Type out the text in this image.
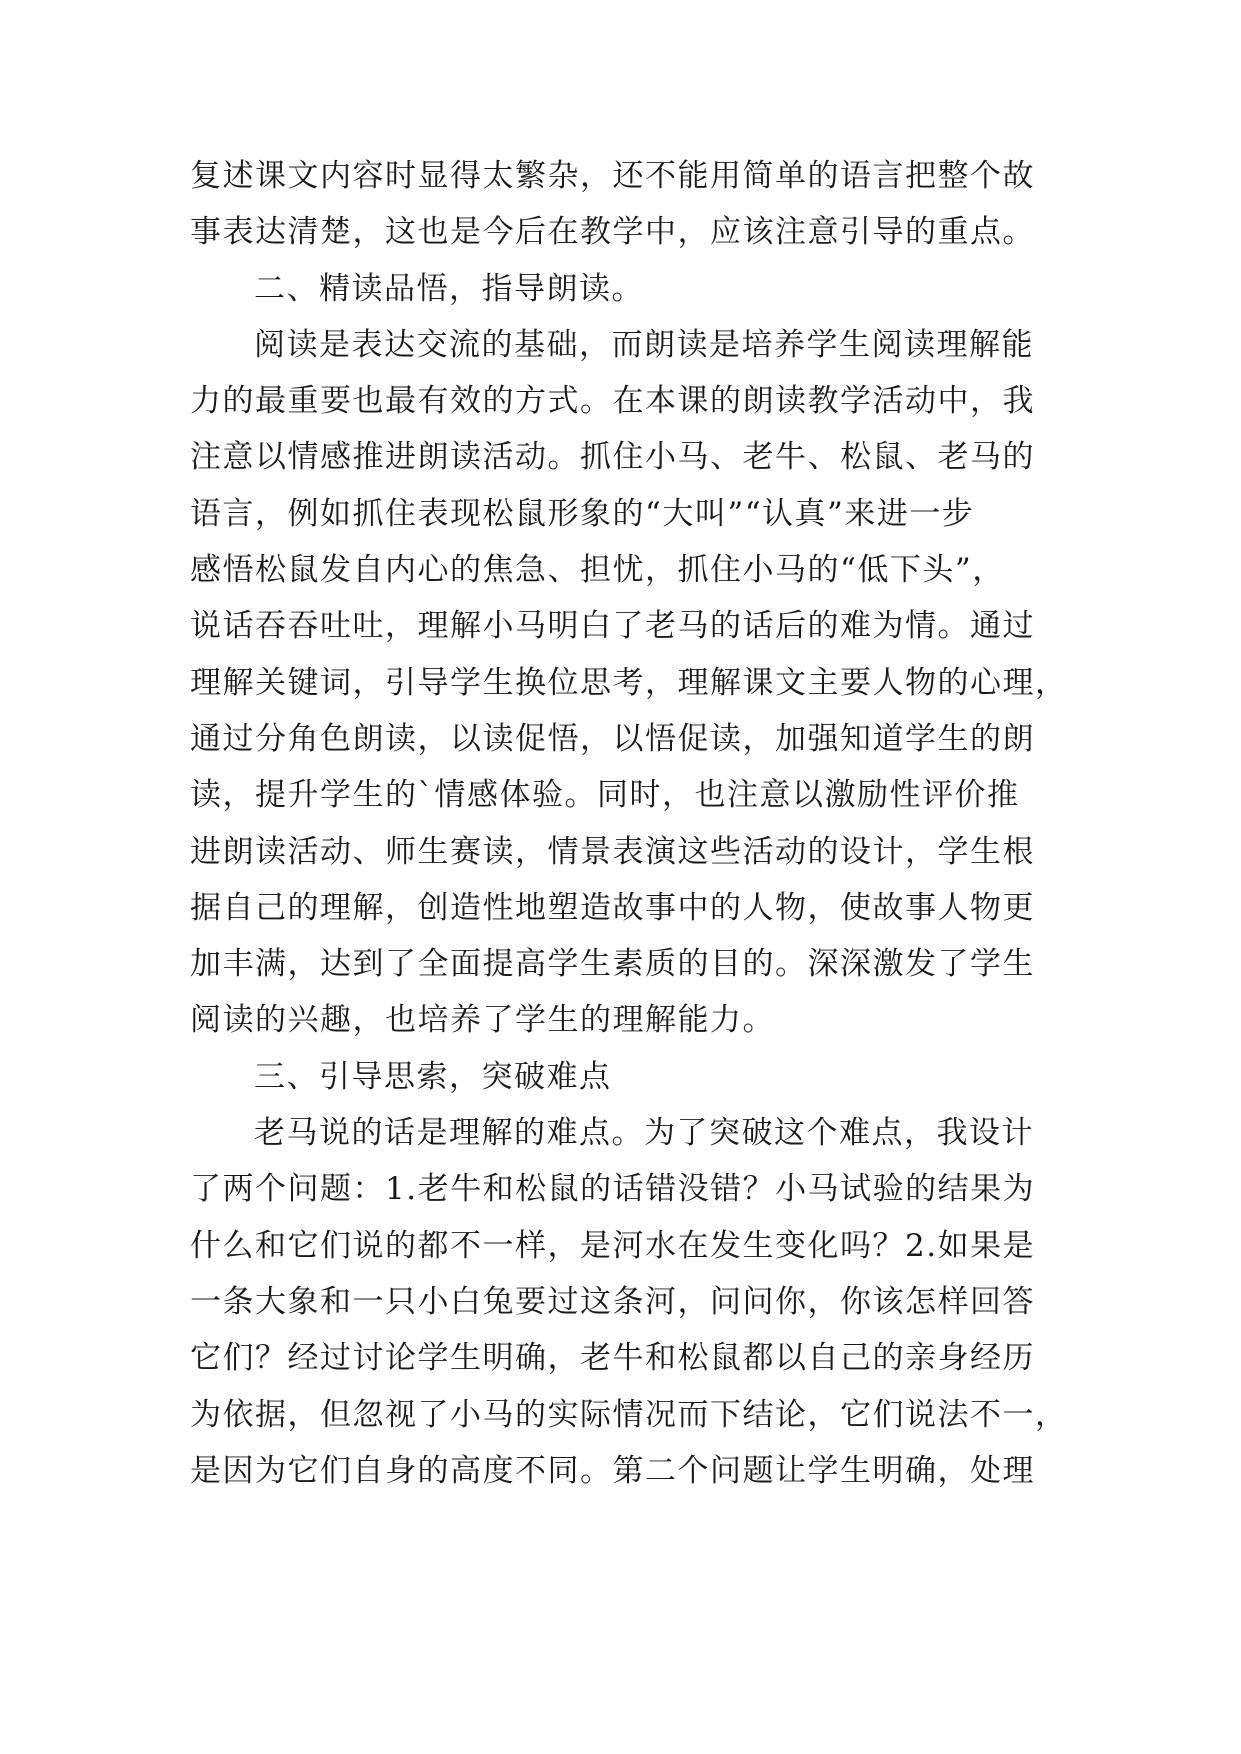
复述课文内容时显得太繁杂，还不能用简单的语言把整个故
事表达清楚，这也是今后在教学中，应该注意引导的重点。
二、精读品悟，指导朗读。
阅读是表达交流的基础，而朗读是培养学生阅读理解能
力的最重要也最有效的方式。在本课的朗读教学活动中，我
注意以情感推进朗读活动。抓住小马、老牛、松鼠、老马的
语言，例如抓住表现松鼠形象的“大叫”“认真”来进一步
感悟松鼠发自内心的焦急、担忧，抓住小马的“低下头”，
说话吞吞吐吐，理解小马明白了老马的话后的难为情。通过
理解关键词，引导学生换位思考，理解课文主要人物的心理，
通过分角色朗读，以读促悟，以悟促读，加强知道学生的朗
读，提升学生的`情感体验。同时，也注意以激励性评价推
进朗读活动、师生赛读，情景表演这些活动的设计，学生根
据自己的理解，创造性地塑造故事中的人物，使故事人物更
加丰满，达到了全面提高学生素质的目的。深深激发了学生
阅读的兴趣，也培养了学生的理解能力。
三、引导思索，突破难点
老马说的话是理解的难点。为了突破这个难点，我设计
了两个问题：1.老牛和松鼠的话错没错？小马试验的结果为
什么和它们说的都不一样，是河水在发生变化吗？2.如果是
一条大象和一只小白兔要过这条河，问问你，你该怎样回答
它们？经过讨论学生明确，老牛和松鼠都以自己的亲身经历
为依据，但忽视了小马的实际情况而下结论，它们说法不一，
是因为它们自身的高度不同。第二个问题让学生明确，处理
